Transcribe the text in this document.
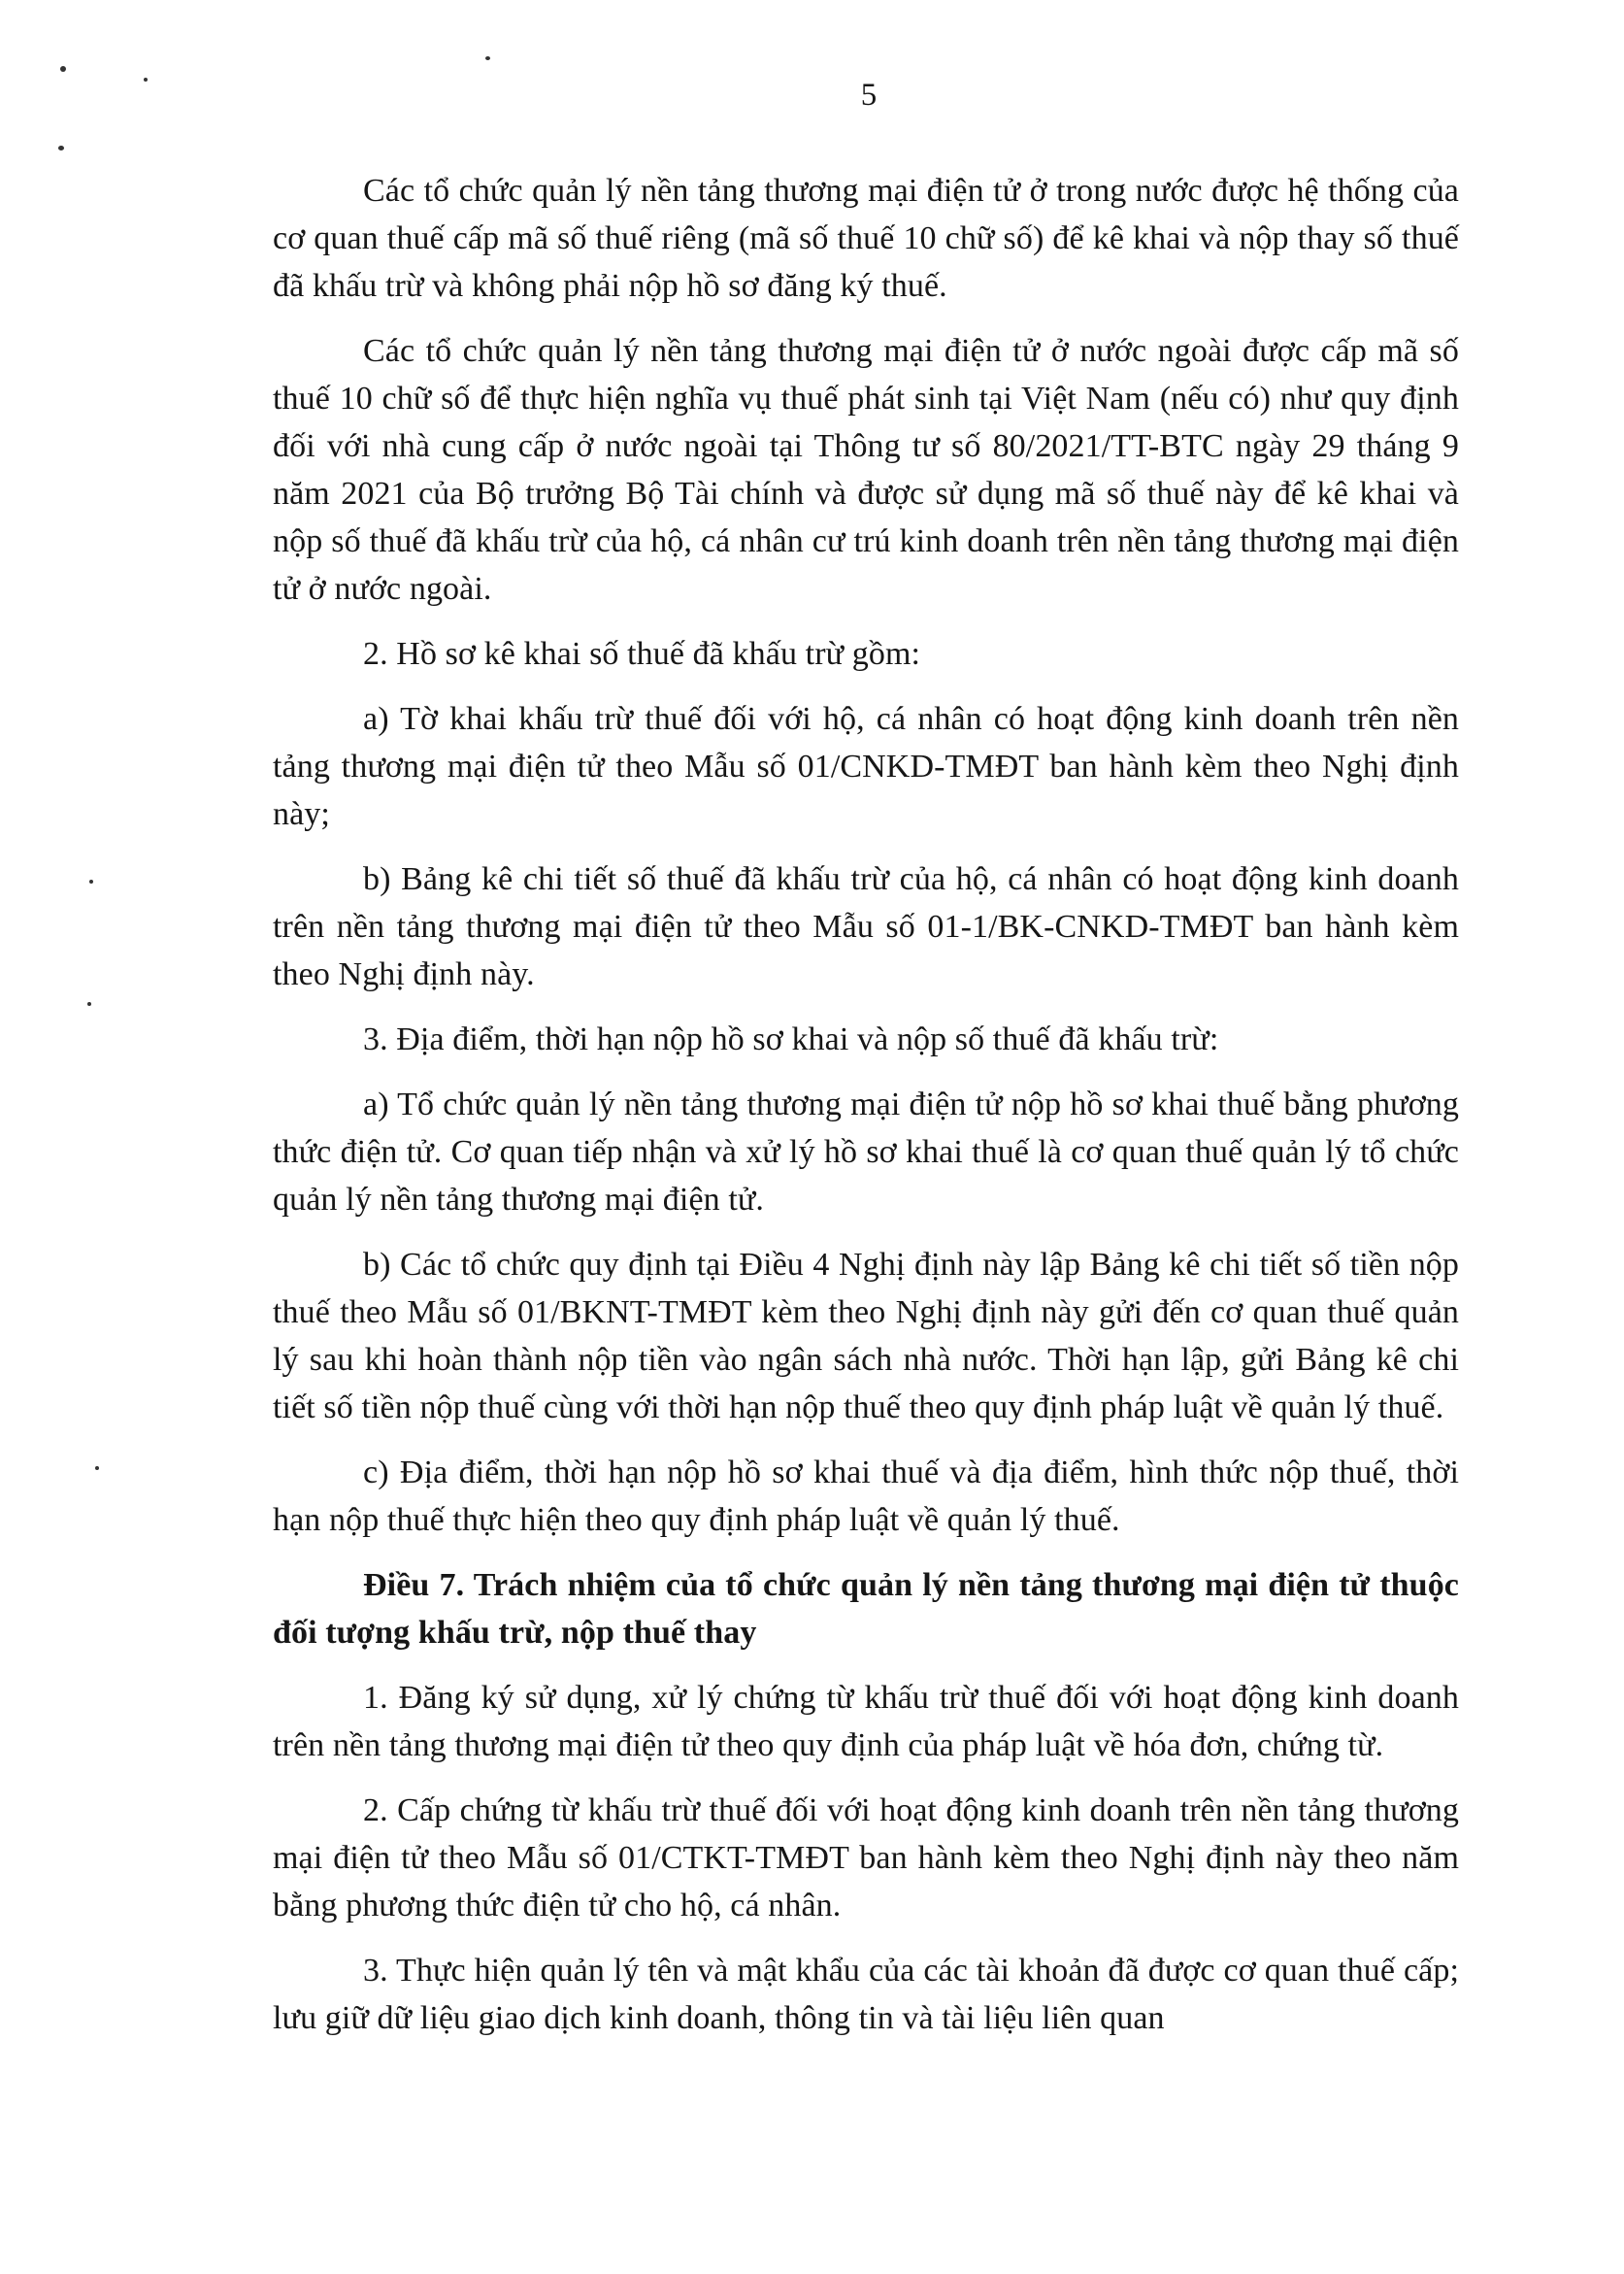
5

Các tổ chức quản lý nền tảng thương mại điện tử ở trong nước được hệ thống của cơ quan thuế cấp mã số thuế riêng (mã số thuế 10 chữ số) để kê khai và nộp thay số thuế đã khấu trừ và không phải nộp hồ sơ đăng ký thuế.

Các tổ chức quản lý nền tảng thương mại điện tử ở nước ngoài được cấp mã số thuế 10 chữ số để thực hiện nghĩa vụ thuế phát sinh tại Việt Nam (nếu có) như quy định đối với nhà cung cấp ở nước ngoài tại Thông tư số 80/2021/TT-BTC ngày 29 tháng 9 năm 2021 của Bộ trưởng Bộ Tài chính và được sử dụng mã số thuế này để kê khai và nộp số thuế đã khấu trừ của hộ, cá nhân cư trú kinh doanh trên nền tảng thương mại điện tử ở nước ngoài.

2. Hồ sơ kê khai số thuế đã khấu trừ gồm:

a) Tờ khai khấu trừ thuế đối với hộ, cá nhân có hoạt động kinh doanh trên nền tảng thương mại điện tử theo Mẫu số 01/CNKD-TMĐT ban hành kèm theo Nghị định này;

b) Bảng kê chi tiết số thuế đã khấu trừ của hộ, cá nhân có hoạt động kinh doanh trên nền tảng thương mại điện tử theo Mẫu số 01-1/BK-CNKD-TMĐT ban hành kèm theo Nghị định này.

3. Địa điểm, thời hạn nộp hồ sơ khai và nộp số thuế đã khấu trừ:

a) Tổ chức quản lý nền tảng thương mại điện tử nộp hồ sơ khai thuế bằng phương thức điện tử. Cơ quan tiếp nhận và xử lý hồ sơ khai thuế là cơ quan thuế quản lý tổ chức quản lý nền tảng thương mại điện tử.

b) Các tổ chức quy định tại Điều 4 Nghị định này lập Bảng kê chi tiết số tiền nộp thuế theo Mẫu số 01/BKNT-TMĐT kèm theo Nghị định này gửi đến cơ quan thuế quản lý sau khi hoàn thành nộp tiền vào ngân sách nhà nước. Thời hạn lập, gửi Bảng kê chi tiết số tiền nộp thuế cùng với thời hạn nộp thuế theo quy định pháp luật về quản lý thuế.

c) Địa điểm, thời hạn nộp hồ sơ khai thuế và địa điểm, hình thức nộp thuế, thời hạn nộp thuế thực hiện theo quy định pháp luật về quản lý thuế.

Điều 7. Trách nhiệm của tổ chức quản lý nền tảng thương mại điện tử thuộc đối tượng khấu trừ, nộp thuế thay

1. Đăng ký sử dụng, xử lý chứng từ khấu trừ thuế đối với hoạt động kinh doanh trên nền tảng thương mại điện tử theo quy định của pháp luật về hóa đơn, chứng từ.

2. Cấp chứng từ khấu trừ thuế đối với hoạt động kinh doanh trên nền tảng thương mại điện tử theo Mẫu số 01/CTKT-TMĐT ban hành kèm theo Nghị định này theo năm bằng phương thức điện tử cho hộ, cá nhân.

3. Thực hiện quản lý tên và mật khẩu của các tài khoản đã được cơ quan thuế cấp; lưu giữ dữ liệu giao dịch kinh doanh, thông tin và tài liệu liên quan
